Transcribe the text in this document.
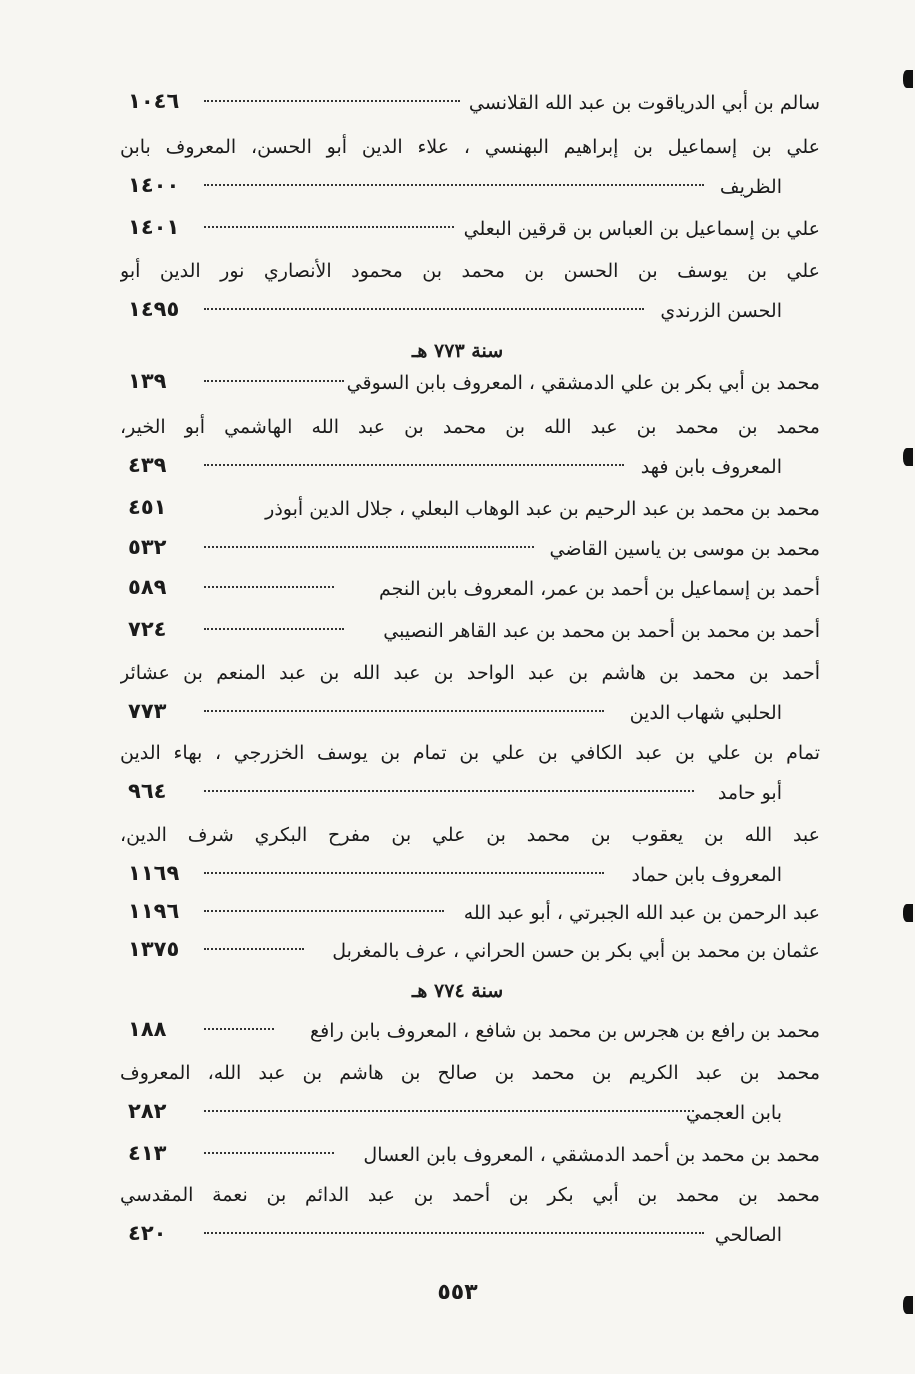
سالم بن أبي الدرياقوت بن عبد الله القلانسي
١٠٤٦
علي بن إسماعيل بن إبراهيم البهنسي ، علاء الدين أبو الحسن، المعروف بابن
الظريف
١٤٠٠
علي بن إسماعيل بن العباس بن قرقين البعلي
١٤٠١
علي بن يوسف بن الحسن بن محمد بن محمود الأنصاري نور الدين أبو
الحسن الزرندي
١٤٩٥
سنة ٧٧٣ هـ
محمد بن أبي بكر بن علي الدمشقي ، المعروف بابن السوقي
١٣٩
محمد بن محمد بن عبد الله بن محمد بن عبد الله الهاشمي أبو الخير،
المعروف بابن فهد
٤٣٩
محمد بن محمد بن عبد الرحيم بن عبد الوهاب البعلي ، جلال الدين أبوذر
٤٥١
محمد بن موسى بن ياسين القاضي
٥٣٢
أحمد بن إسماعيل بن أحمد بن عمر، المعروف بابن النجم
٥٨٩
أحمد بن محمد بن أحمد بن محمد بن عبد القاهر النصيبي
٧٢٤
أحمد بن محمد بن هاشم بن عبد الواحد بن عبد الله بن عبد المنعم بن عشائر
الحلبي شهاب الدين
٧٧٣
تمام بن علي بن عبد الكافي بن علي بن تمام بن يوسف الخزرجي ، بهاء الدين
أبو حامد
٩٦٤
عبد الله بن يعقوب بن محمد بن علي بن مفرح البكري شرف الدين،
المعروف بابن حماد
١١٦٩
عبد الرحمن بن عبد الله الجبرتي ، أبو عبد الله
١١٩٦
عثمان بن محمد بن أبي بكر بن حسن الحراني ، عرف بالمغربل
١٣٧٥
سنة ٧٧٤ هـ
محمد بن رافع بن هجرس بن محمد بن شافع ، المعروف بابن رافع
١٨٨
محمد بن عبد الكريم بن محمد بن صالح بن هاشم بن عبد الله، المعروف
بابن العجمي
٢٨٢
محمد بن محمد بن أحمد الدمشقي ، المعروف بابن العسال
٤١٣
محمد بن محمد بن أبي بكر بن أحمد بن عبد الدائم بن نعمة المقدسي
الصالحي
٤٢٠
٥٥٣
